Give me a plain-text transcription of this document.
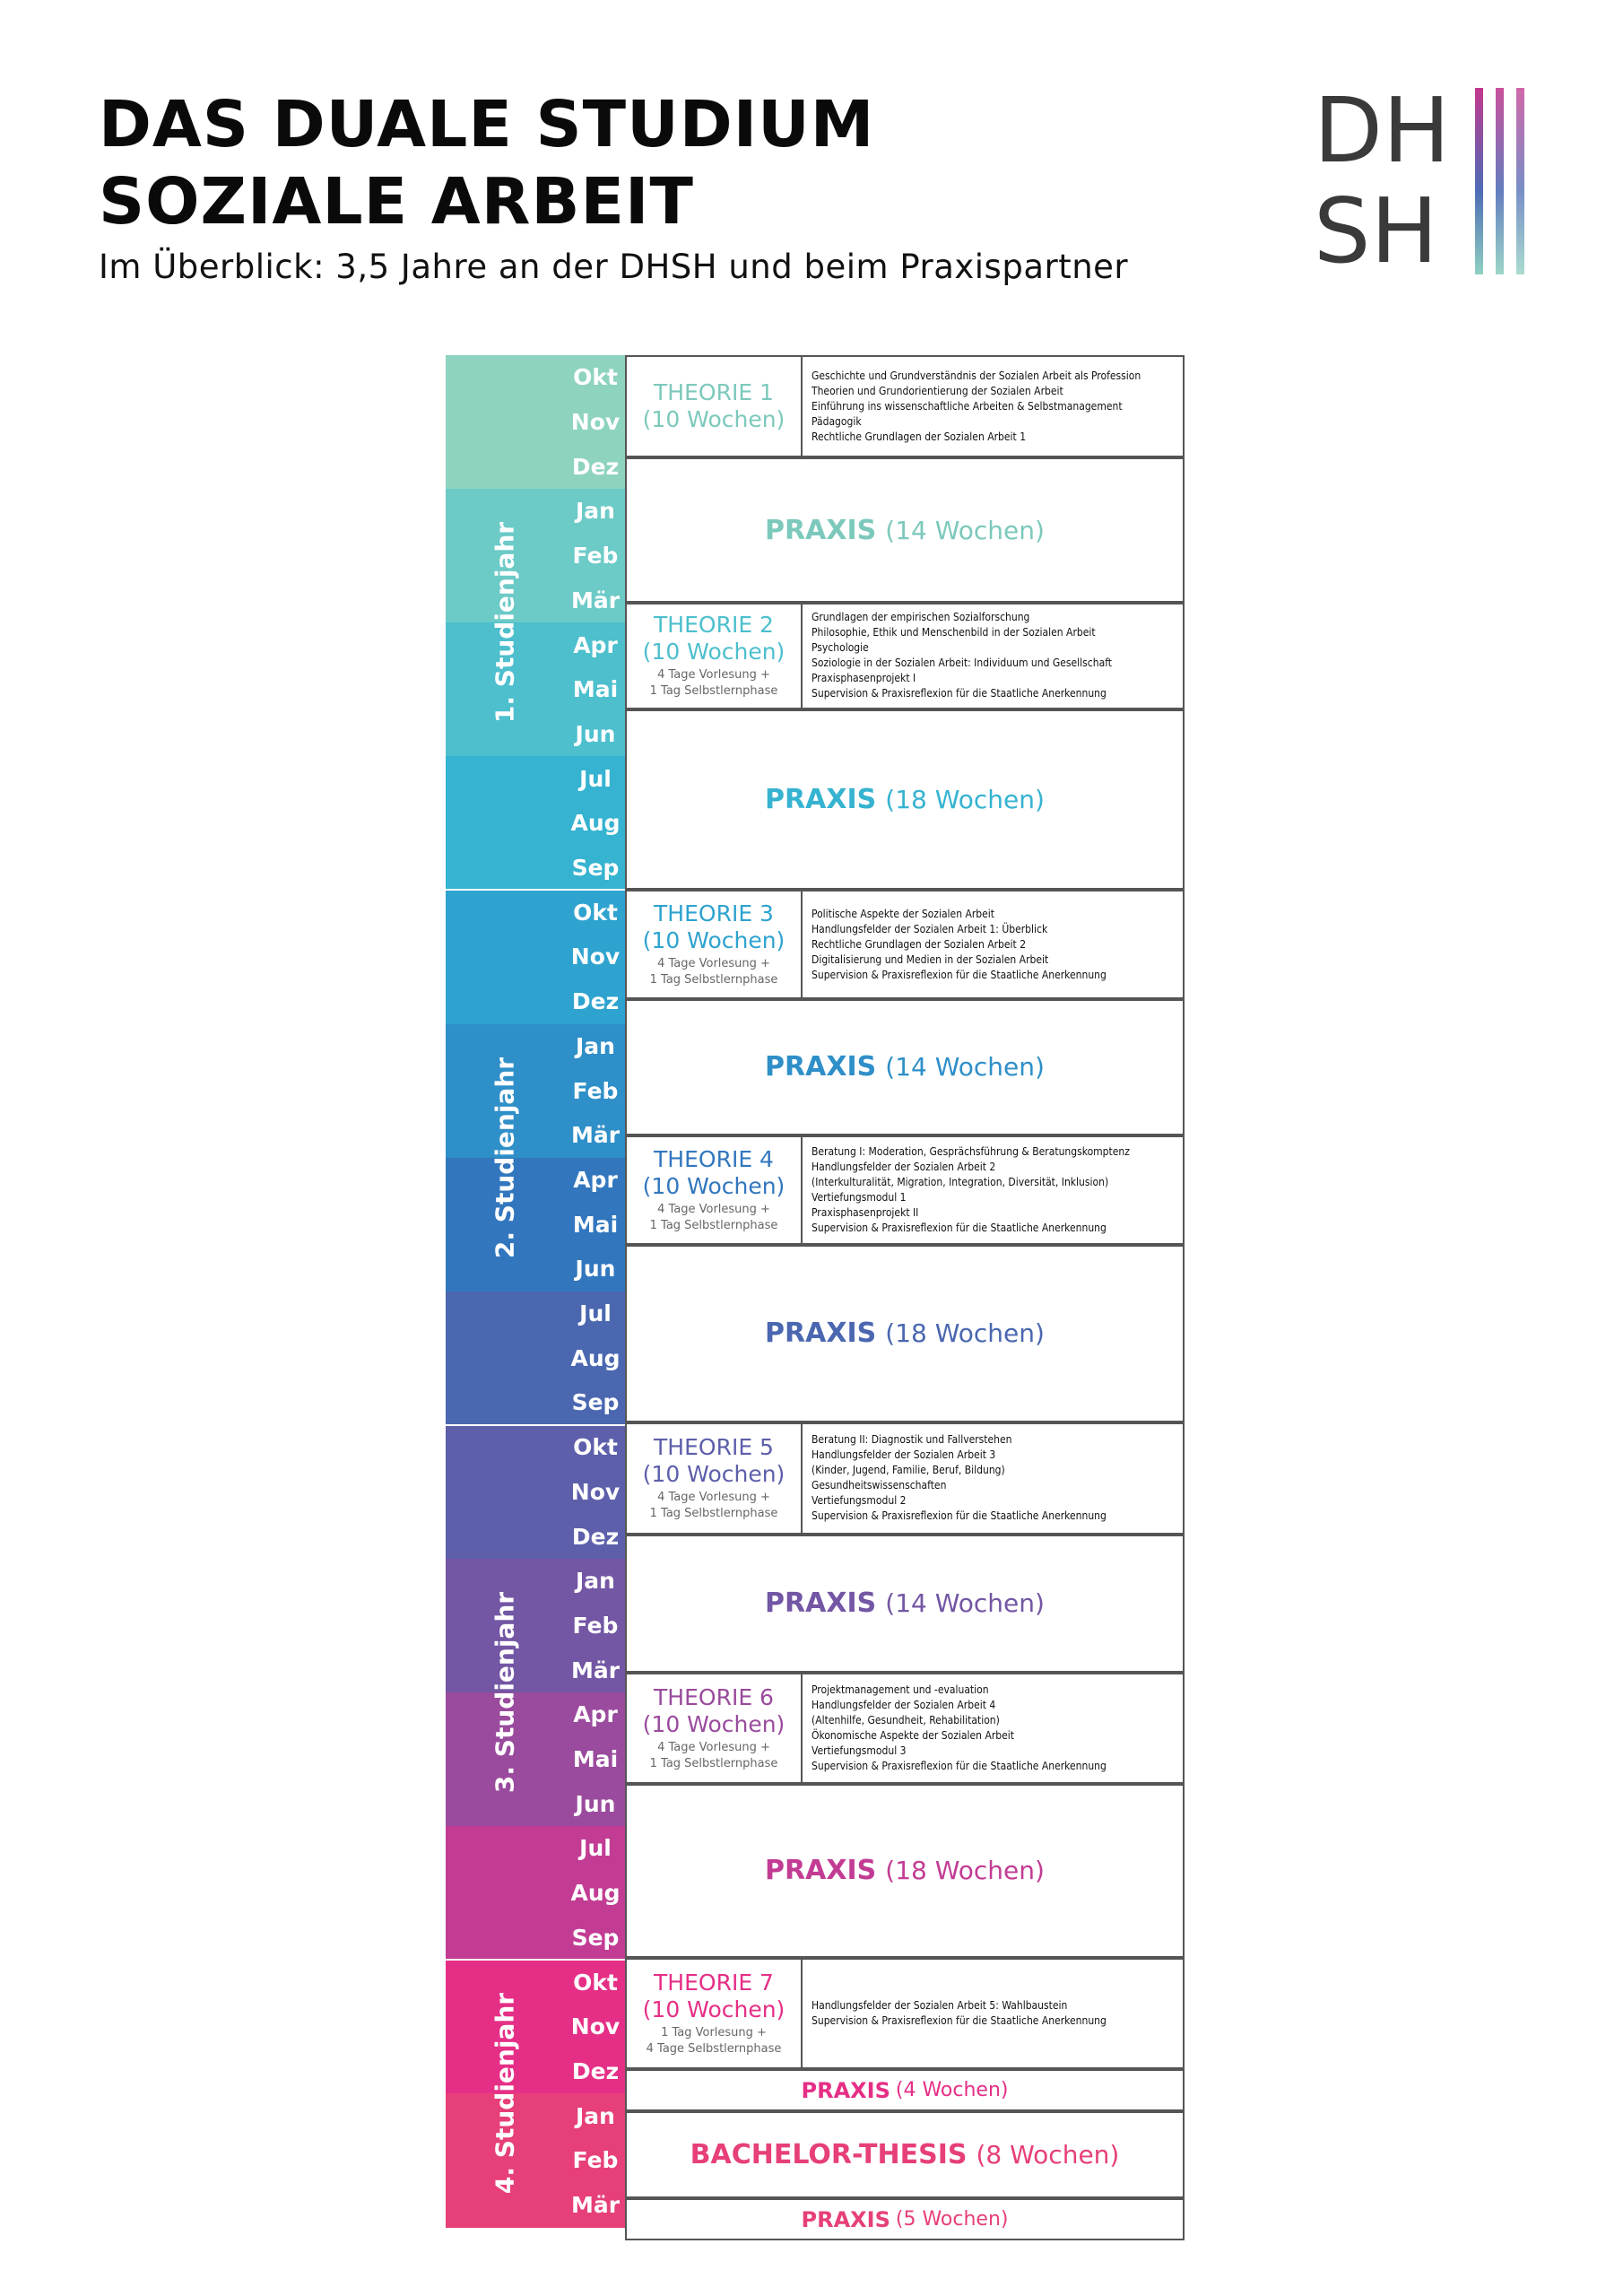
DAS DUALE STUDIUM
SOZIALE ARBEIT
Im Überblick: 3,5 Jahre an der DHSH und beim Praxispartner
DH
SH
Okt
Nov
Dez
Jan
Feb
Mär
Apr
Mai
Jun
Jul
Aug
Sep
Okt
Nov
Dez
Jan
Feb
Mär
Apr
Mai
Jun
Jul
Aug
Sep
Okt
Nov
Dez
Jan
Feb
Mär
Apr
Mai
Jun
Jul
Aug
Sep
Okt
Nov
Dez
Jan
Feb
Mär
1. Studienjahr
2. Studienjahr
3. Studienjahr
4. Studienjahr
THEORIE 1
(10 Wochen)
Geschichte und Grundverständnis der Sozialen Arbeit als Profession
Theorien und Grundorientierung der Sozialen Arbeit
Einführung ins wissenschaftliche Arbeiten & Selbstmanagement
Pädagogik
Rechtliche Grundlagen der Sozialen Arbeit 1
THEORIE 2
(10 Wochen)
4 Tage Vorlesung +
1 Tag Selbstlernphase
Grundlagen der empirischen Sozialforschung
Philosophie, Ethik und Menschenbild in der Sozialen Arbeit
Psychologie
Soziologie in der Sozialen Arbeit: Individuum und Gesellschaft
Praxisphasenprojekt I
Supervision & Praxisreflexion für die Staatliche Anerkennung
THEORIE 3
(10 Wochen)
4 Tage Vorlesung +
1 Tag Selbstlernphase
Politische Aspekte der Sozialen Arbeit
Handlungsfelder der Sozialen Arbeit 1: Überblick
Rechtliche Grundlagen der Sozialen Arbeit 2
Digitalisierung und Medien in der Sozialen Arbeit
Supervision & Praxisreflexion für die Staatliche Anerkennung
THEORIE 4
(10 Wochen)
4 Tage Vorlesung +
1 Tag Selbstlernphase
Beratung I: Moderation, Gesprächsführung & Beratungskomptenz
Handlungsfelder der Sozialen Arbeit 2
(Interkulturalität, Migration, Integration, Diversität, Inklusion)
Vertiefungsmodul 1
Praxisphasenprojekt II
Supervision & Praxisreflexion für die Staatliche Anerkennung
THEORIE 5
(10 Wochen)
4 Tage Vorlesung +
1 Tag Selbstlernphase
Beratung II: Diagnostik und Fallverstehen
Handlungsfelder der Sozialen Arbeit 3
(Kinder, Jugend, Familie, Beruf, Bildung)
Gesundheitswissenschaften
Vertiefungsmodul 2
Supervision & Praxisreflexion für die Staatliche Anerkennung
THEORIE 6
(10 Wochen)
4 Tage Vorlesung +
1 Tag Selbstlernphase
Projektmanagement und -evaluation
Handlungsfelder der Sozialen Arbeit 4
(Altenhilfe, Gesundheit, Rehabilitation)
Ökonomische Aspekte der Sozialen Arbeit
Vertiefungsmodul 3
Supervision & Praxisreflexion für die Staatliche Anerkennung
THEORIE 7
(10 Wochen)
1 Tag Vorlesung +
4 Tage Selbstlernphase
Handlungsfelder der Sozialen Arbeit 5: Wahlbaustein
Supervision & Praxisreflexion für die Staatliche Anerkennung
PRAXIS (14 Wochen)
PRAXIS (18 Wochen)
PRAXIS (14 Wochen)
PRAXIS (18 Wochen)
PRAXIS (14 Wochen)
PRAXIS (18 Wochen)
PRAXIS (4 Wochen)
BACHELOR-THESIS (8 Wochen)
PRAXIS (5 Wochen)
